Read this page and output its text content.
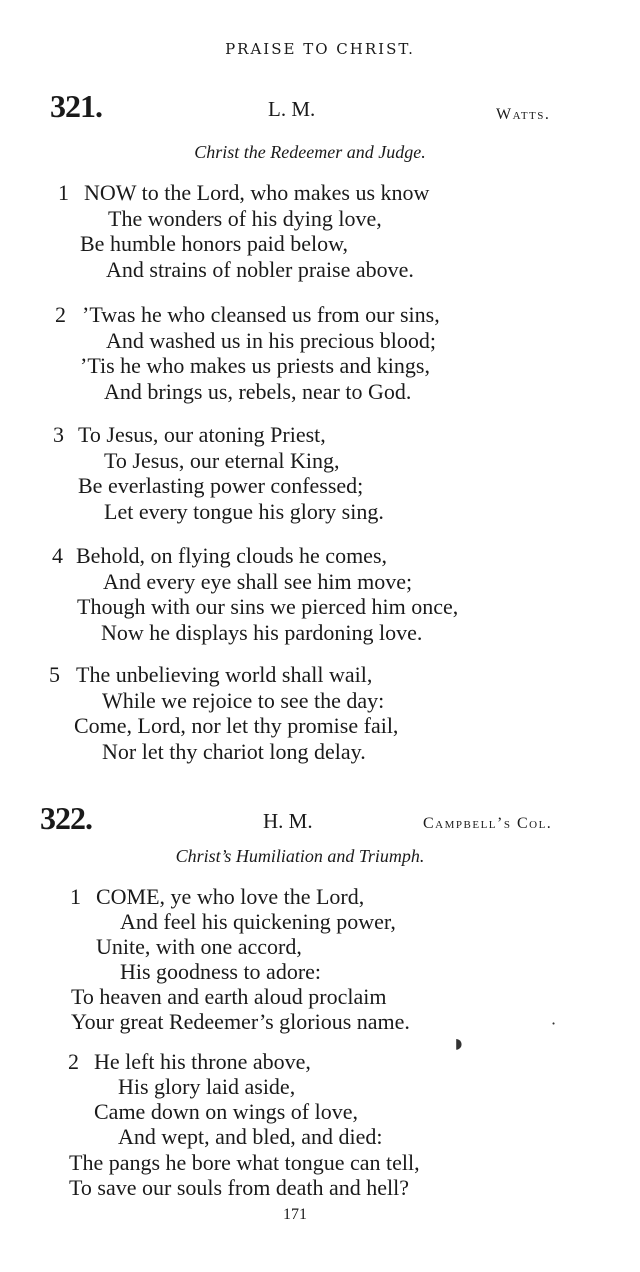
PRAISE TO CHRIST.
321.	L. M.	Watts.
Christ the Redeemer and Judge.
1 NOW to the Lord, who makes us know
The wonders of his dying love,
Be humble honors paid below,
And strains of nobler praise above.
2 ’Twas he who cleansed us from our sins,
And washed us in his precious blood;
’Tis he who makes us priests and kings,
And brings us, rebels, near to God.
3 To Jesus, our atoning Priest,
To Jesus, our eternal King,
Be everlasting power confessed;
Let every tongue his glory sing.
4 Behold, on flying clouds he comes,
And every eye shall see him move;
Though with our sins we pierced him once,
Now he displays his pardoning love.
5 The unbelieving world shall wail,
While we rejoice to see the day:
Come, Lord, nor let thy promise fail,
Nor let thy chariot long delay.
322.	H. M.	Campbell’s Col.
Christ’s Humiliation and Triumph.
1 COME, ye who love the Lord,
And feel his quickening power,
Unite, with one accord,
His goodness to adore:
To heaven and earth aloud proclaim
Your great Redeemer’s glorious name.	·
◗
2 He left his throne above,
His glory laid aside,
Came down on wings of love,
And wept, and bled, and died:
The pangs he bore what tongue can tell,
To save our souls from death and hell?
171
